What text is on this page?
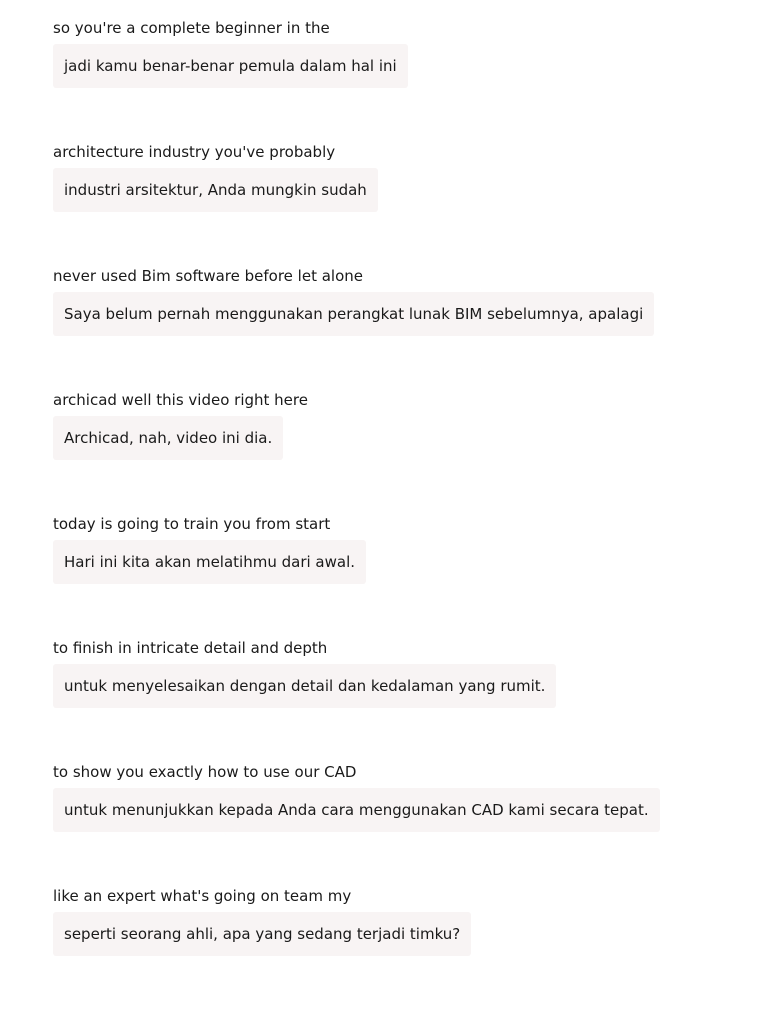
so you're a complete beginner in the
jadi kamu benar-benar pemula dalam hal ini
architecture industry you've probably
industri arsitektur, Anda mungkin sudah
never used Bim software before let alone
Saya belum pernah menggunakan perangkat lunak BIM sebelumnya, apalagi
archicad well this video right here
Archicad, nah, video ini dia.
today is going to train you from start
Hari ini kita akan melatihmu dari awal.
to finish in intricate detail and depth
untuk menyelesaikan dengan detail dan kedalaman yang rumit.
to show you exactly how to use our CAD
untuk menunjukkan kepada Anda cara menggunakan CAD kami secara tepat.
like an expert what's going on team my
seperti seorang ahli, apa yang sedang terjadi timku?
